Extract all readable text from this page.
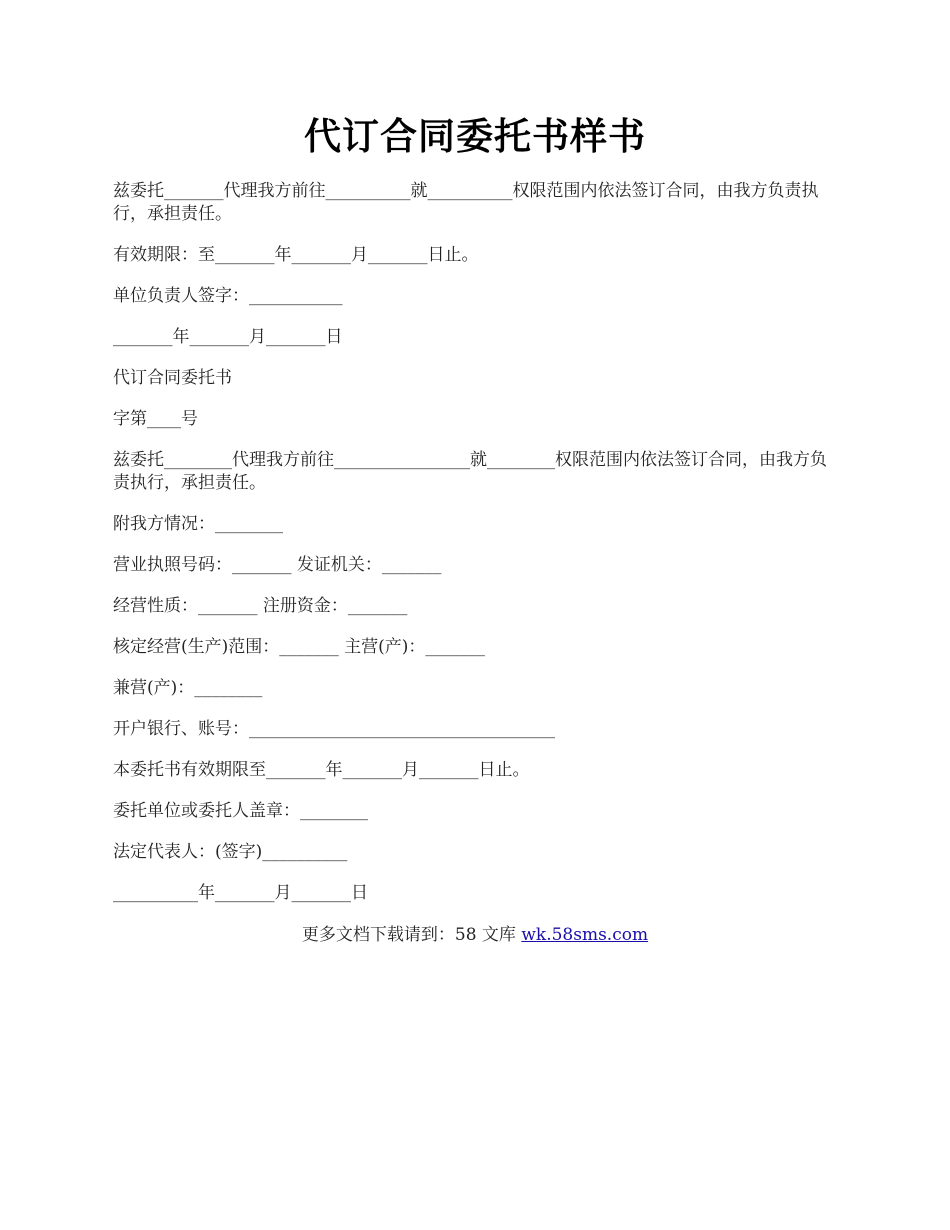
代订合同委托书样书

兹委托_______代理我方前往__________就__________权限范围内依法签订合同，由我方负责执行，承担责任。

有效期限：至_______年_______月_______日止。

单位负责人签字：___________

_______年_______月_______日

代订合同委托书

字第____号

兹委托________代理我方前往________________就________权限范围内依法签订合同，由我方负责执行，承担责任。

附我方情况：________

营业执照号码：_______ 发证机关：_______

经营性质：_______ 注册资金：_______

核定经营(生产)范围：_______ 主营(产)：_______

兼营(产)：________

开户银行、账号：____________________________________

本委托书有效期限至_______年_______月_______日止。

委托单位或委托人盖章：________

法定代表人：(签字)__________

__________年_______月_______日

更多文档下载请到：58 文库 wk.58sms.com
